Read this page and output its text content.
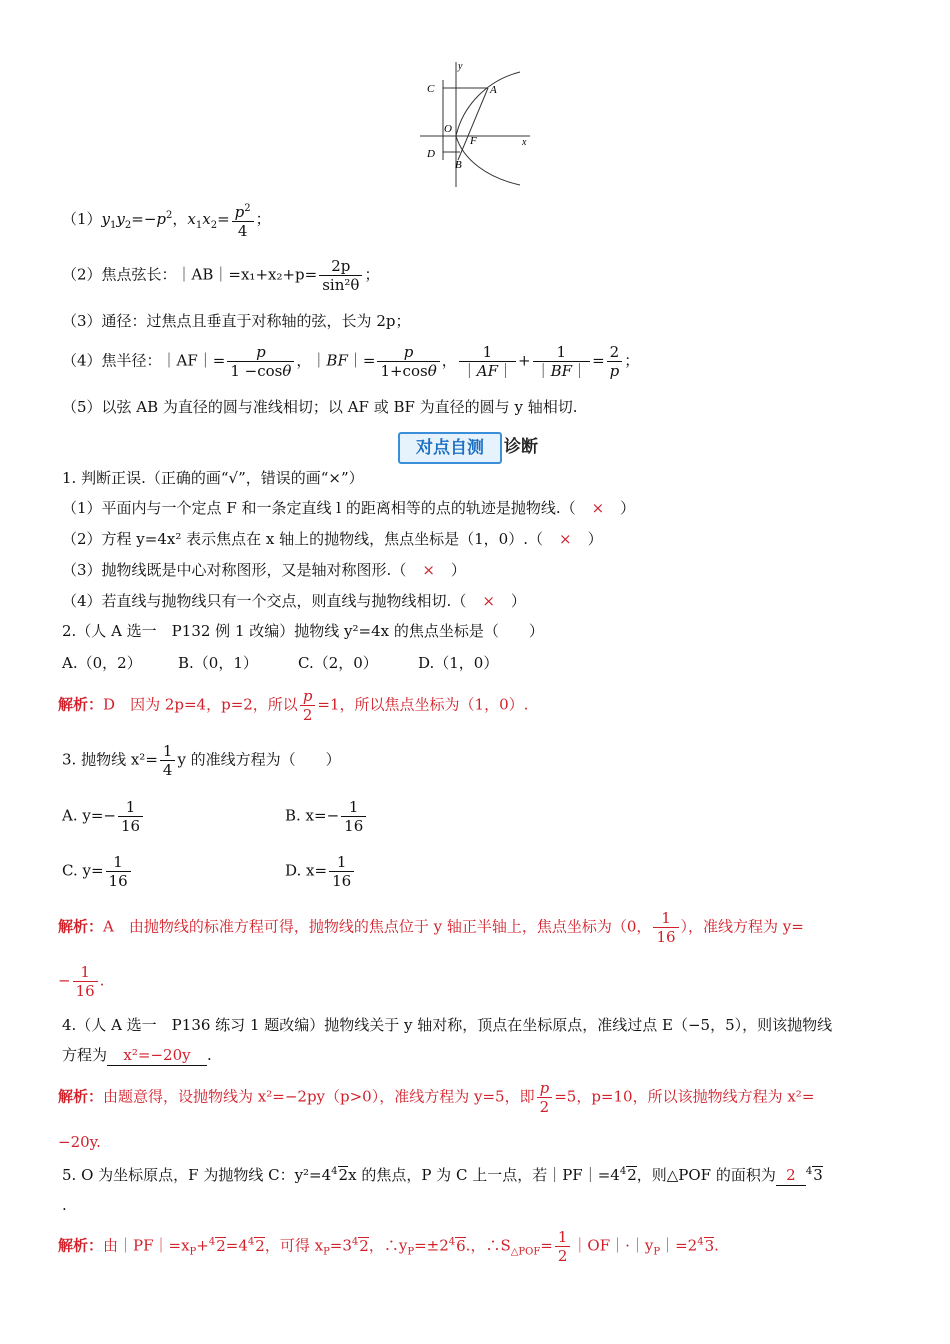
y
x
C
D
A
O
F
B
$(1)y_1y_2=-p^2$，$x_1x_2= \frac{p^2}{4}$ ；
（2）焦点弦长：｜AB｜=x₁+x₂+p= $\frac{2p}{\text{sin²θ}}$ ；
（3）通径：过焦点且垂直于对称轴的弦，长为 2p；
（4）焦半径：｜AF｜= $\frac{p}{1 -\cos\theta}$ ，｜BF｜= $\frac{p}{1+\cos\theta}$ ， $\frac{1}{|AF|} + \frac{1}{|BF|} = \frac{2}{p}$ ；
（5）以弦 AB 为直径的圆与准线相切；以 AF 或 BF 为直径的圆与 y 轴相切.
对点自测	诊断
1. 判断正误.（正确的画“√”，错误的画“×”）
（1）平面内与一个定点 F 和一条定直线 l 的距离相等的点的轨迹是抛物线.（ × ）
（2）方程 y=4x² 表示焦点在 x 轴上的抛物线，焦点坐标是（1，0）.（ × ）
（3）抛物线既是中心对称图形，又是轴对称图形.（ × ）
（4）若直线与抛物线只有一个交点，则直线与抛物线相切.（ × ）
2.（人 A 选一　P132 例 1 改编）抛物线 y²=4x 的焦点坐标是（　　）
A.（0，2） B.（0，1）	C.（2，0）	D.（1，0）
解析：D　 因为 2p=4，p=2，所以 $\frac{p}{2} =1$，所以焦点坐标为（1，0）.
3. 抛物线 $x^2= \frac{1}{4}$ y 的准线方程为（　　）
A. $y=- \frac{1}{16}$	B. $x=- \frac{1}{16}$
C. $y= \frac{1}{16}$	D. $x= \frac{1}{16}$
解析：A　 由抛物线的标准方程可得，抛物线的焦点位于 y 轴正半轴上，焦点坐标为（0， $\frac{1}{16}$ ），准线方程为 y=
− $\frac{1}{16}$ .
4.（人 A 选一　P136 练习 1 题改编）抛物线关于 y 轴对称，顶点在坐标原点，准线过点 E（−5，5），则该抛物线
方程为 x²=−20y .
解析：由题意得，设抛物线为 x²=−2py（p>0），准线方程为 y=5，即 $\frac{p}{2} =5$，p=10，所以该抛物线方程为 x²=
−20y.
5. O 为坐标原点，F 为抛物线 C：$y^2=4^42x$ 的焦点，P 为 C 上一点，若$|PF|=4^42$，则△POF 的面积为 2 $^4$3
.
解析：由$|PF|=x_P+^42=4^42$，可得 $x_P=3^42$，$\therefore y_P=\pm 2^46$.，$\therefore S_{\triangle POF}= \frac{1}{2}$ $|OF|\cdot|y_P|=2^43$.
